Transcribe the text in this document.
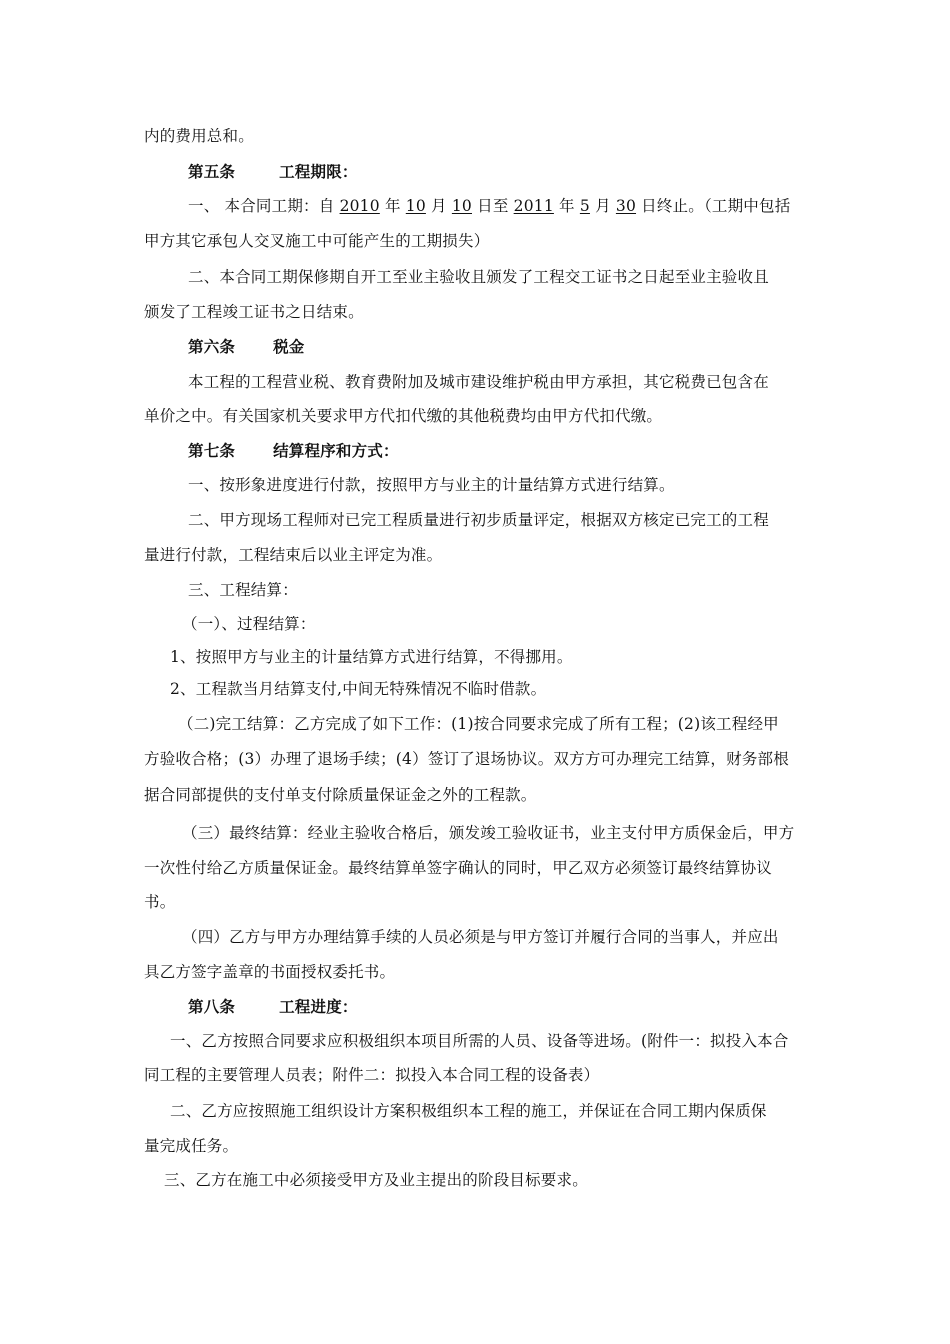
内的费用总和。
第五条	工程期限：
一、 本合同工期：自 2010 年 10 月 10 日至 2011 年 5 月 30 日终止。（工期中包括
甲方其它承包人交叉施工中可能产生的工期损失）
二、本合同工期保修期自开工至业主验收且颁发了工程交工证书之日起至业主验收且
颁发了工程竣工证书之日结束。
第六条 税金
本工程的工程营业税、教育费附加及城市建设维护税由甲方承担，其它税费已包含在
单价之中。有关国家机关要求甲方代扣代缴的其他税费均由甲方代扣代缴。
第七条 结算程序和方式：
一、按形象进度进行付款，按照甲方与业主的计量结算方式进行结算。
二、甲方现场工程师对已完工程质量进行初步质量评定，根据双方核定已完工的工程
量进行付款，工程结束后以业主评定为准。
三、工程结算：
（一）、过程结算：
1、按照甲方与业主的计量结算方式进行结算，不得挪用。
2、工程款当月结算支付,中间无特殊情况不临时借款。
（二)完工结算：乙方完成了如下工作：(1)按合同要求完成了所有工程；(2)该工程经甲
方验收合格；(3）办理了退场手续；(4）签订了退场协议。双方方可办理完工结算，财务部根
据合同部提供的支付单支付除质量保证金之外的工程款。
（三）最终结算：经业主验收合格后，颁发竣工验收证书，业主支付甲方质保金后，甲方
一次性付给乙方质量保证金。最终结算单签字确认的同时，甲乙双方必须签订最终结算协议
书。
（四）乙方与甲方办理结算手续的人员必须是与甲方签订并履行合同的当事人，并应出
具乙方签字盖章的书面授权委托书。
第八条	工程进度：
一、乙方按照合同要求应积极组织本项目所需的人员、设备等进场。(附件一：拟投入本合
同工程的主要管理人员表；附件二：拟投入本合同工程的设备表）
二、乙方应按照施工组织设计方案积极组织本工程的施工，并保证在合同工期内保质保
量完成任务。
三、乙方在施工中必须接受甲方及业主提出的阶段目标要求。
